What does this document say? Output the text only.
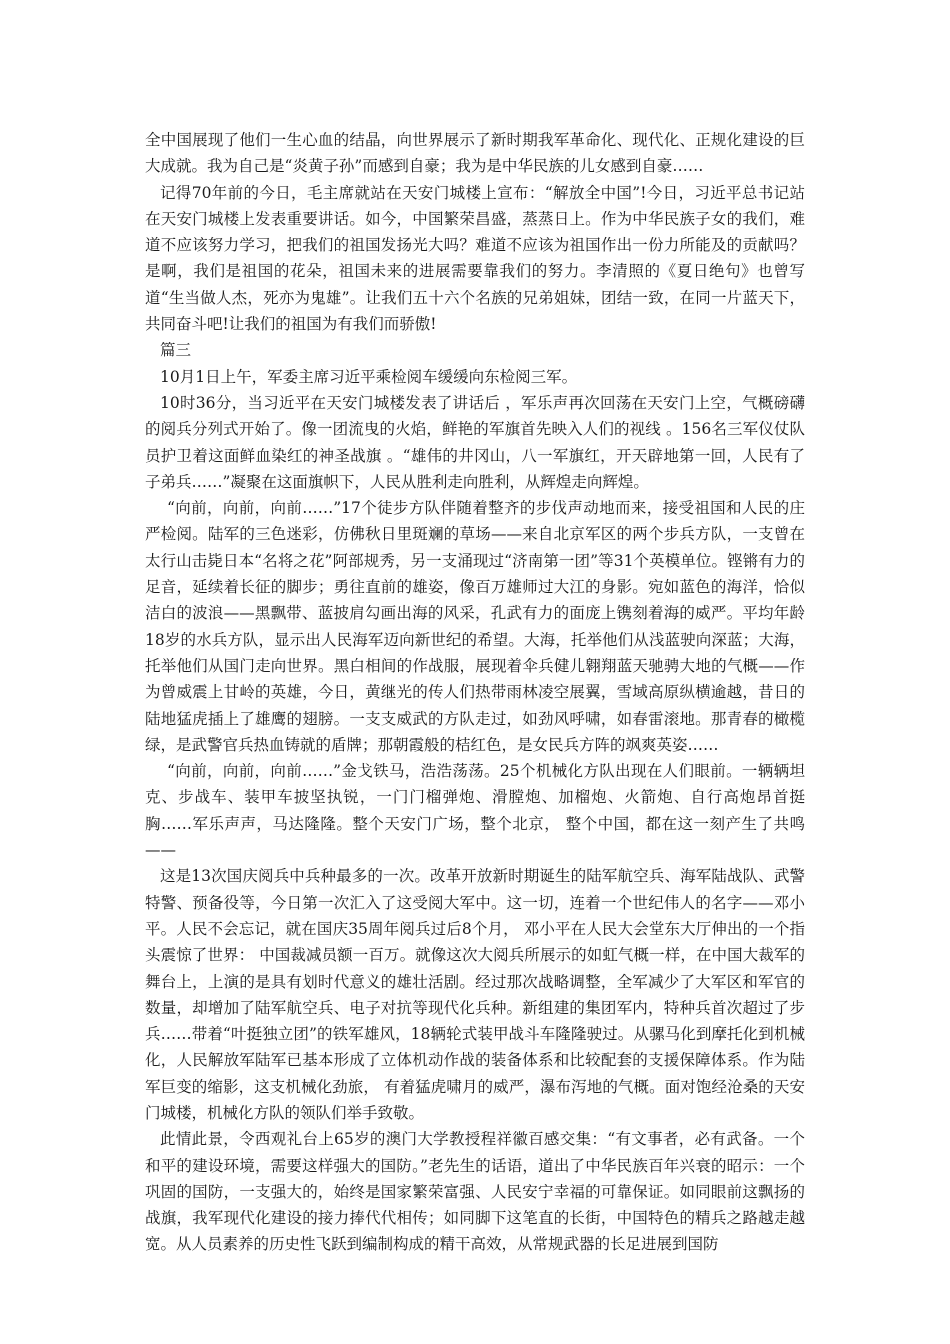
全中国展现了他们一生心血的结晶，向世界展示了新时期我军革命化、现代化、正规化建设的巨大成就。我为自己是“炎黄子孙”而感到自豪；我为是中华民族的儿女感到自豪……

记得70年前的今日，毛主席就站在天安门城楼上宣布：“解放全中国”!今日，习近平总书记站在天安门城楼上发表重要讲话。如今，中国繁荣昌盛，蒸蒸日上。作为中华民族子女的我们，难道不应该努力学习，把我们的祖国发扬光大吗？难道不应该为祖国作出一份力所能及的贡献吗？是啊，我们是祖国的花朵，祖国未来的进展需要靠我们的努力。李清照的《夏日绝句》也曾写道“生当做人杰，死亦为鬼雄”。让我们五十六个名族的兄弟姐妹，团结一致，在同一片蓝天下，共同奋斗吧!让我们的祖国为有我们而骄傲!

篇三

10月1日上午，军委主席习近平乘检阅车缓缓向东检阅三军。

10时36分，当习近平在天安门城楼发表了讲话后 ，军乐声再次回荡在天安门上空，气概磅礴的阅兵分列式开始了。像一团流曳的火焰，鲜艳的军旗首先映入人们的视线 。156名三军仪仗队员护卫着这面鲜血染红的神圣战旗 。“雄伟的井冈山，八一军旗红，开天辟地第一回，人民有了子弟兵……”凝聚在这面旗帜下，人民从胜利走向胜利，从辉煌走向辉煌。

“向前，向前，向前……”17个徒步方队伴随着整齐的步伐声动地而来，接受祖国和人民的庄严检阅。陆军的三色迷彩，仿佛秋日里斑斓的草场——来自北京军区的两个步兵方队，一支曾在太行山击毙日本“名将之花”阿部规秀，另一支涌现过“济南第一团”等31个英模单位。铿锵有力的足音，延续着长征的脚步；勇往直前的雄姿，像百万雄师过大江的身影。宛如蓝色的海洋，恰似洁白的波浪——黑飘带、蓝披肩勾画出海的风采，孔武有力的面庞上镌刻着海的威严。平均年龄18岁的水兵方队，显示出人民海军迈向新世纪的希望。大海，托举他们从浅蓝驶向深蓝；大海，托举他们从国门走向世界。黑白相间的作战服，展现着伞兵健儿翱翔蓝天驰骋大地的气概——作为曾威震上甘岭的英雄，今日，黄继光的传人们热带雨林凌空展翼，雪域高原纵横逾越，昔日的陆地猛虎插上了雄鹰的翅膀。一支支威武的方队走过，如劲风呼啸，如春雷滚地。那青春的橄榄绿，是武警官兵热血铸就的盾牌；那朝霞般的桔红色，是女民兵方阵的飒爽英姿……

“向前，向前，向前……”金戈铁马，浩浩荡荡。25个机械化方队出现在人们眼前。一辆辆坦克、步战车、装甲车披坚执锐，一门门榴弹炮、滑膛炮、加榴炮、火箭炮、自行高炮昂首挺胸……军乐声声，马达隆隆。整个天安门广场，整个北京， 整个中国，都在这一刻产生了共鸣——

这是13次国庆阅兵中兵种最多的一次。改革开放新时期诞生的陆军航空兵、海军陆战队、武警特警、预备役等，今日第一次汇入了这受阅大军中。这一切，连着一个世纪伟人的名字——邓小平。人民不会忘记，就在国庆35周年阅兵过后8个月， 邓小平在人民大会堂东大厅伸出的一个指头震惊了世界： 中国裁减员额一百万。就像这次大阅兵所展示的如虹气概一样，在中国大裁军的舞台上，上演的是具有划时代意义的雄壮活剧。经过那次战略调整，全军减少了大军区和军官的数量，却增加了陆军航空兵、电子对抗等现代化兵种。新组建的集团军内，特种兵首次超过了步兵……带着“叶挺独立团”的铁军雄风，18辆轮式装甲战斗车隆隆驶过。从骡马化到摩托化到机械化，人民解放军陆军已基本形成了立体机动作战的装备体系和比较配套的支援保障体系。作为陆军巨变的缩影，这支机械化劲旅， 有着猛虎啸月的威严，瀑布泻地的气概。面对饱经沧桑的天安门城楼，机械化方队的领队们举手致敬。

此情此景，令西观礼台上65岁的澳门大学教授程祥徽百感交集：“有文事者，必有武备。一个和平的建设环境，需要这样强大的国防。”老先生的话语，道出了中华民族百年兴衰的昭示：一个巩固的国防，一支强大的，始终是国家繁荣富强、人民安宁幸福的可靠保证。如同眼前这飘扬的战旗，我军现代化建设的接力捧代代相传；如同脚下这笔直的长街，中国特色的精兵之路越走越宽。从人员素养的历史性飞跃到编制构成的精干高效，从常规武器的长足进展到国防
